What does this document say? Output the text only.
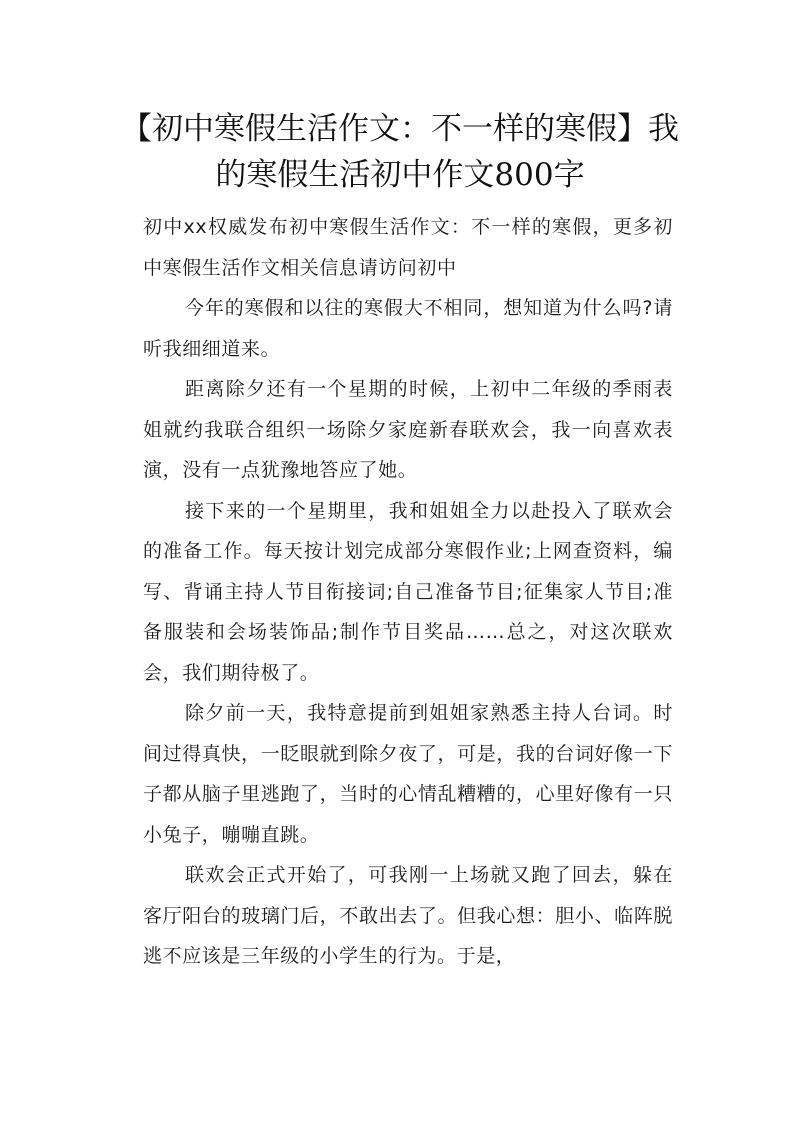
【初中寒假生活作文：不一样的寒假】我的寒假生活初中作文800字

初中xx权威发布初中寒假生活作文：不一样的寒假，更多初中寒假生活作文相关信息请访问初中

今年的寒假和以往的寒假大不相同，想知道为什么吗?请听我细细道来。

距离除夕还有一个星期的时候，上初中二年级的季雨表姐就约我联合组织一场除夕家庭新春联欢会，我一向喜欢表演，没有一点犹豫地答应了她。

接下来的一个星期里，我和姐姐全力以赴投入了联欢会的准备工作。每天按计划完成部分寒假作业;上网查资料，编写、背诵主持人节目衔接词;自己准备节目;征集家人节目;准备服装和会场装饰品;制作节目奖品……总之，对这次联欢会，我们期待极了。

除夕前一天，我特意提前到姐姐家熟悉主持人台词。时间过得真快，一眨眼就到除夕夜了，可是，我的台词好像一下子都从脑子里逃跑了，当时的心情乱糟糟的，心里好像有一只小兔子，嘣嘣直跳。

联欢会正式开始了，可我刚一上场就又跑了回去，躲在客厅阳台的玻璃门后，不敢出去了。但我心想：胆小、临阵脱逃不应该是三年级的小学生的行为。于是，
